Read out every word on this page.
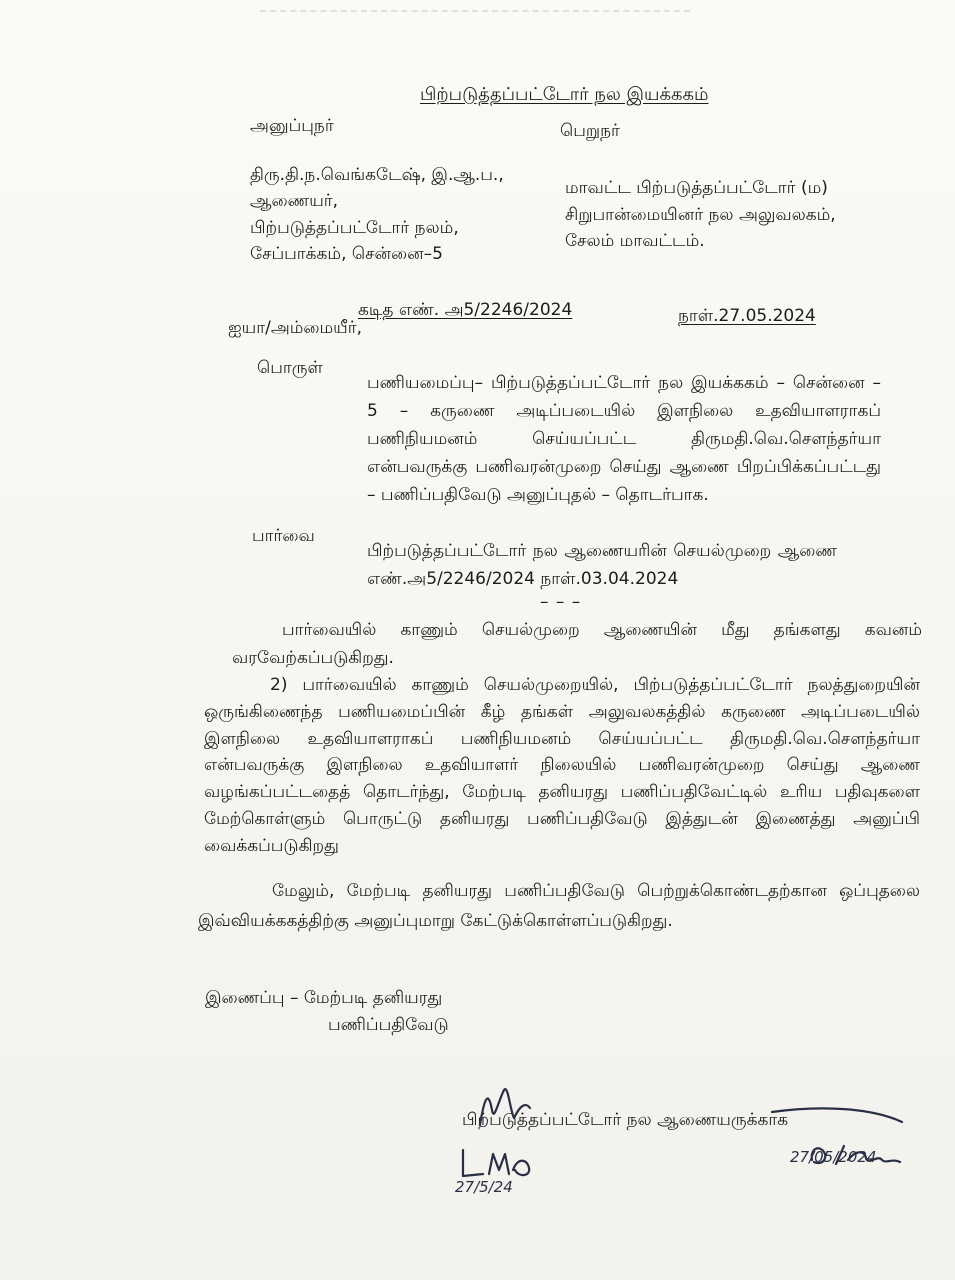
பிற்படுத்தப்பட்டோர் நல இயக்ககம்
அனுப்புநர்
திரு.தி.ந.வெங்கடேஷ், இ.ஆ.ப.,
ஆணையர்,
பிற்படுத்தப்பட்டோர் நலம்,
சேப்பாக்கம், சென்னை–5
பெறுநர்
மாவட்ட பிற்படுத்தப்பட்டோர் (ம)
சிறுபான்மையினர் நல அலுவலகம்,
சேலம் மாவட்டம்.
கடித எண். அ5/2246/2024	நாள்.27.05.2024
ஐயா/அம்மையீர்,
பொருள்
பணியமைப்பு– பிற்படுத்தப்பட்டோர் நல இயக்ககம் – சென்னை – 5 – கருணை அடிப்படையில் இளநிலை உதவியாளராகப் பணிநியமனம் செய்யப்பட்ட திருமதி.வெ.சௌந்தர்யா என்பவருக்கு பணிவரன்முறை செய்து ஆணை பிறப்பிக்கப்பட்டது – பணிப்பதிவேடு அனுப்புதல் – தொடர்பாக.
பார்வை
பிற்படுத்தப்பட்டோர் நல ஆணையரின் செயல்முறை ஆணை எண்.அ5/2246/2024 நாள்.03.04.2024
– – –
பார்வையில் காணும் செயல்முறை ஆணையின் மீது தங்களது கவனம் வரவேற்கப்படுகிறது.
2) பார்வையில் காணும் செயல்முறையில், பிற்படுத்தப்பட்டோர் நலத்துறையின் ஒருங்கிணைந்த பணியமைப்பின் கீழ் தங்கள் அலுவலகத்தில் கருணை அடிப்படையில் இளநிலை உதவியாளராகப் பணிநியமனம் செய்யப்பட்ட திருமதி.வெ.சௌந்தர்யா என்பவருக்கு இளநிலை உதவியாளர் நிலையில் பணிவரன்முறை செய்து ஆணை வழங்கப்பட்டதைத் தொடர்ந்து, மேற்படி தனியரது பணிப்பதிவேட்டில் உரிய பதிவுகளை மேற்கொள்ளும் பொருட்டு தனியரது பணிப்பதிவேடு இத்துடன் இணைத்து அனுப்பி வைக்கப்படுகிறது
மேலும், மேற்படி தனியரது பணிப்பதிவேடு பெற்றுக்கொண்டதற்கான ஒப்புதலை இவ்வியக்ககத்திற்கு அனுப்புமாறு கேட்டுக்கொள்ளப்படுகிறது.
இணைப்பு – மேற்படி தனியரது
பணிப்பதிவேடு
பிற்படுத்தப்பட்டோர் நல ஆணையருக்காக
27/05/2024
27/5/24
